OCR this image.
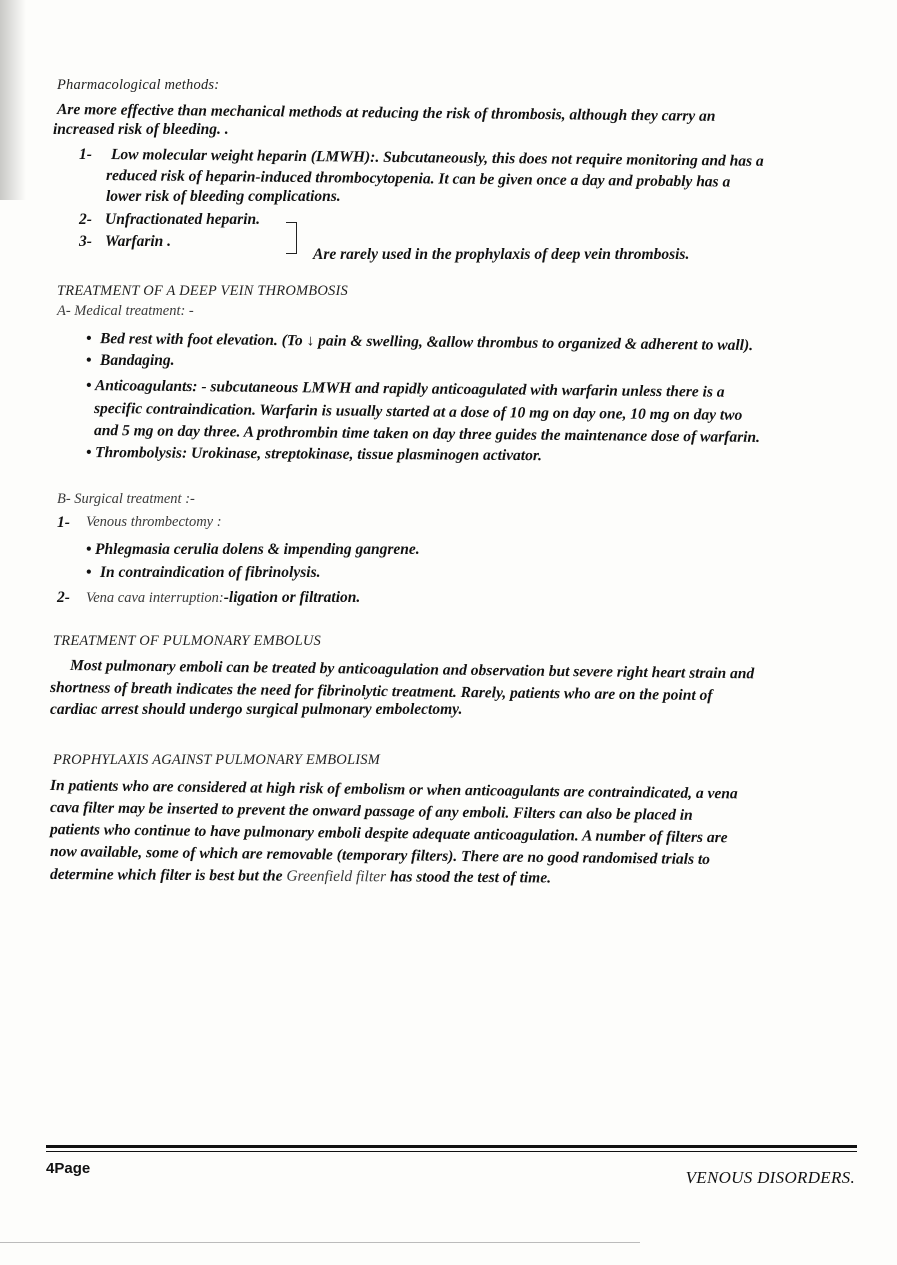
Pharmacological methods:
Are more effective than mechanical methods at reducing the risk of thrombosis, although they carry an
increased risk of bleeding. .
1- Low molecular weight heparin (LMWH):. Subcutaneously, this does not require monitoring and has a
reduced risk of heparin-induced thrombocytopenia. It can be given once a day and probably has a
lower risk of bleeding complications.
2- Unfractionated heparin.
3- Warfarin .
Are rarely used in the prophylaxis of deep vein thrombosis.
TREATMENT OF A DEEP VEIN THROMBOSIS
A- Medical treatment: -
• Bed rest with foot elevation. (To ↓ pain & swelling, &allow thrombus to organized & adherent to wall).
• Bandaging.
• Anticoagulants: - subcutaneous LMWH and rapidly anticoagulated with warfarin unless there is a
specific contraindication. Warfarin is usually started at a dose of 10 mg on day one, 10 mg on day two
and 5 mg on day three. A prothrombin time taken on day three guides the maintenance dose of warfarin.
• Thrombolysis: Urokinase, streptokinase, tissue plasminogen activator.
B- Surgical treatment :-
1- Venous thrombectomy :
• Phlegmasia cerulia dolens & impending gangrene.
• In contraindication of fibrinolysis.
2- Vena cava interruption:-ligation or filtration.
TREATMENT OF PULMONARY EMBOLUS
Most pulmonary emboli can be treated by anticoagulation and observation but severe right heart strain and
shortness of breath indicates the need for fibrinolytic treatment. Rarely, patients who are on the point of
cardiac arrest should undergo surgical pulmonary embolectomy.
PROPHYLAXIS AGAINST PULMONARY EMBOLISM
In patients who are considered at high risk of embolism or when anticoagulants are contraindicated, a vena
cava filter may be inserted to prevent the onward passage of any emboli. Filters can also be placed in
patients who continue to have pulmonary emboli despite adequate anticoagulation. A number of filters are
now available, some of which are removable (temporary filters). There are no good randomised trials to
determine which filter is best but the Greenfield filter has stood the test of time.
4Page	VENOUS DISORDERS.
